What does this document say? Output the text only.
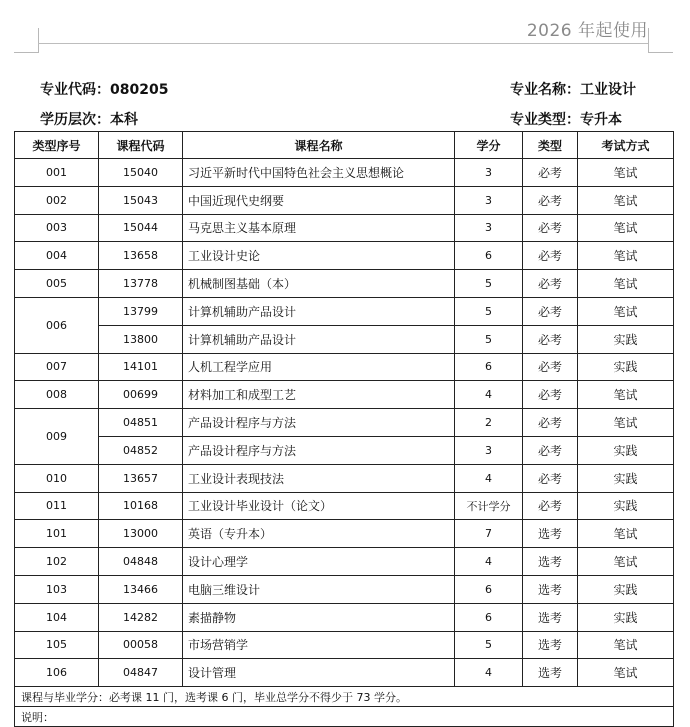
2026 年起使用
专业代码：080205	专业名称：工业设计
学历层次：本科	专业类型：专升本
类型序号	课程代码	课程名称	学分	类型	考试方式
001	15040	习近平新时代中国特色社会主义思想概论	3	必考	笔试
002	15043	中国近现代史纲要	3	必考	笔试
003	15044	马克思主义基本原理	3	必考	笔试
004	13658	工业设计史论	6	必考	笔试
005	13778	机械制图基础（本）	5	必考	笔试
006	13799	计算机辅助产品设计	5	必考	笔试
	13800	计算机辅助产品设计	5	必考	实践
007	14101	人机工程学应用	6	必考	实践
008	00699	材料加工和成型工艺	4	必考	笔试
009	04851	产品设计程序与方法	2	必考	笔试
	04852	产品设计程序与方法	3	必考	实践
010	13657	工业设计表现技法	4	必考	实践
011	10168	工业设计毕业设计（论文）	不计学分	必考	实践
101	13000	英语（专升本）	7	选考	笔试
102	04848	设计心理学	4	选考	笔试
103	13466	电脑三维设计	6	选考	实践
104	14282	素描静物	6	选考	实践
105	00058	市场营销学	5	选考	笔试
106	04847	设计管理	4	选考	笔试
课程与毕业学分：必考课 11 门，选考课 6 门，毕业总学分不得少于 73 学分。					
说明：					
